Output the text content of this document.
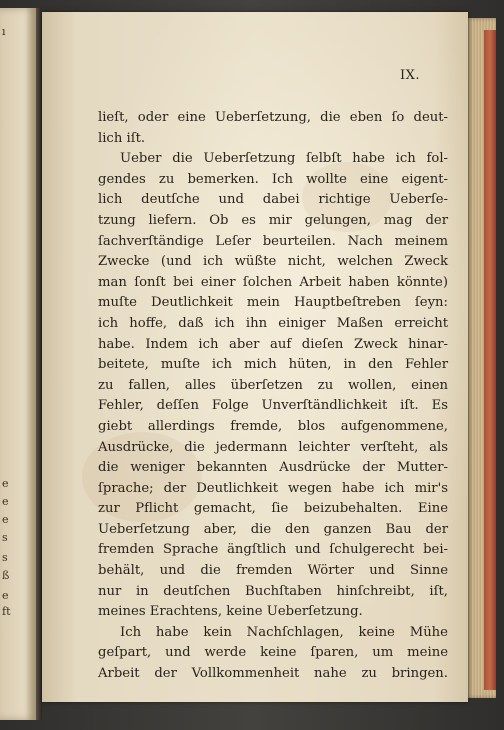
ı
e
e
e
s
s
ß
e
ft
IX.
lieſt, oder eine Ueberſetzung, die eben ſo deut-
lich iſt.
Ueber die Ueberſetzung ſelbſt habe ich fol-
gendes zu bemerken. Ich wollte eine eigent-
lich deutſche und dabei richtige Ueberſe-
tzung liefern. Ob es mir gelungen, mag der
ſachverſtändige Leſer beurteilen. Nach meinem
Zwecke (und ich wüßte nicht, welchen Zweck
man ſonſt bei einer ſolchen Arbeit haben könnte)
muſte Deutlichkeit mein Hauptbeſtreben ſeyn:
ich hoffe, daß ich ihn einiger Maßen erreicht
habe. Indem ich aber auf dieſen Zweck hinar-
beitete, muſte ich mich hüten, in den Fehler
zu fallen, alles überſetzen zu wollen, einen
Fehler, deſſen Folge Unverſtändlichkeit iſt. Es
giebt allerdings fremde, blos aufgenommene,
Ausdrücke, die jedermann leichter verſteht, als
die weniger bekannten Ausdrücke der Mutter-
ſprache; der Deutlichkeit wegen habe ich mir's
zur Pflicht gemacht, ſie beizubehalten. Eine
Ueberſetzung aber, die den ganzen Bau der
fremden Sprache ängſtlich und ſchulgerecht bei-
behält, und die fremden Wörter und Sinne
nur in deutſchen Buchſtaben hinſchreibt, iſt,
meines Erachtens, keine Ueberſetzung.
Ich habe kein Nachſchlagen, keine Mühe
geſpart, und werde keine ſparen, um meine
Arbeit der Vollkommenheit nahe zu bringen.
